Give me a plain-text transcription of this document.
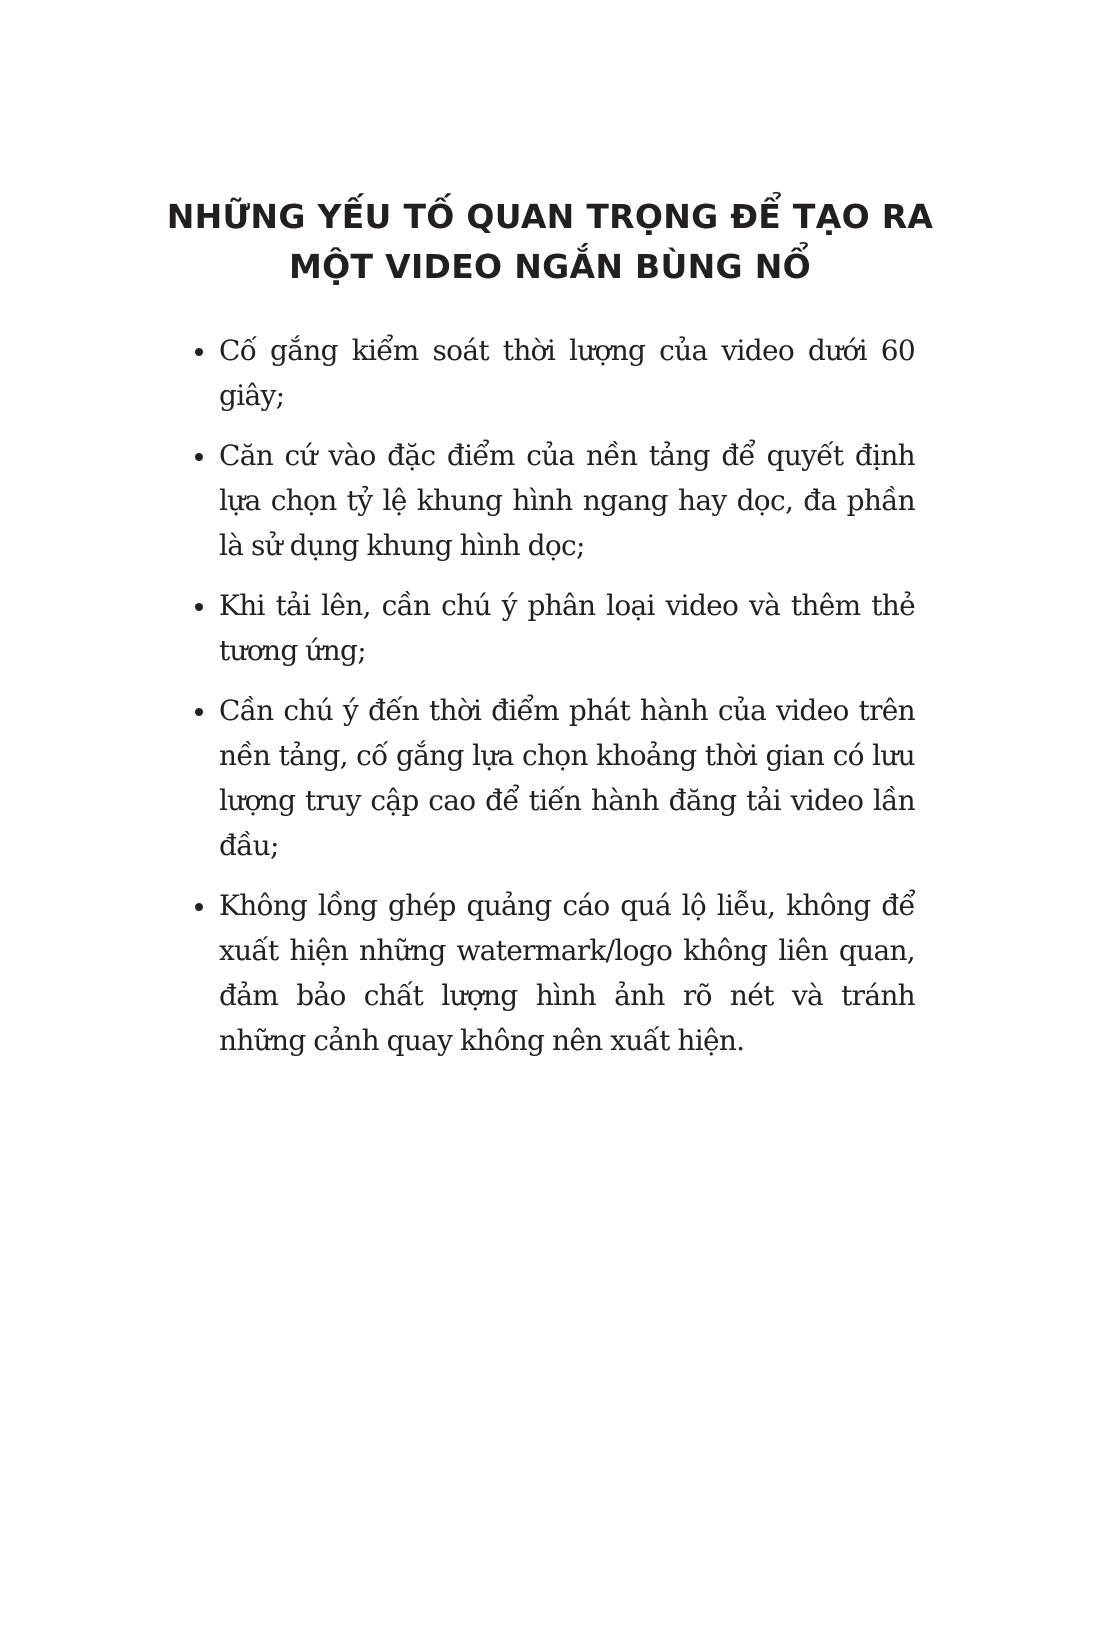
NHỮNG YẾU TỐ QUAN TRỌNG ĐỂ TẠO RA
MỘT VIDEO NGẮN BÙNG NỔ
Cố gắng kiểm soát thời lượng của video dưới 60 giây;
Căn cứ vào đặc điểm của nền tảng để quyết định lựa chọn tỷ lệ khung hình ngang hay dọc, đa phần là sử dụng khung hình dọc;
Khi tải lên, cần chú ý phân loại video và thêm thẻ tương ứng;
Cần chú ý đến thời điểm phát hành của video trên nền tảng, cố gắng lựa chọn khoảng thời gian có lưu lượng truy cập cao để tiến hành đăng tải video lần đầu;
Không lồng ghép quảng cáo quá lộ liễu, không để xuất hiện những watermark/logo không liên quan, đảm bảo chất lượng hình ảnh rõ nét và tránh những cảnh quay không nên xuất hiện.
